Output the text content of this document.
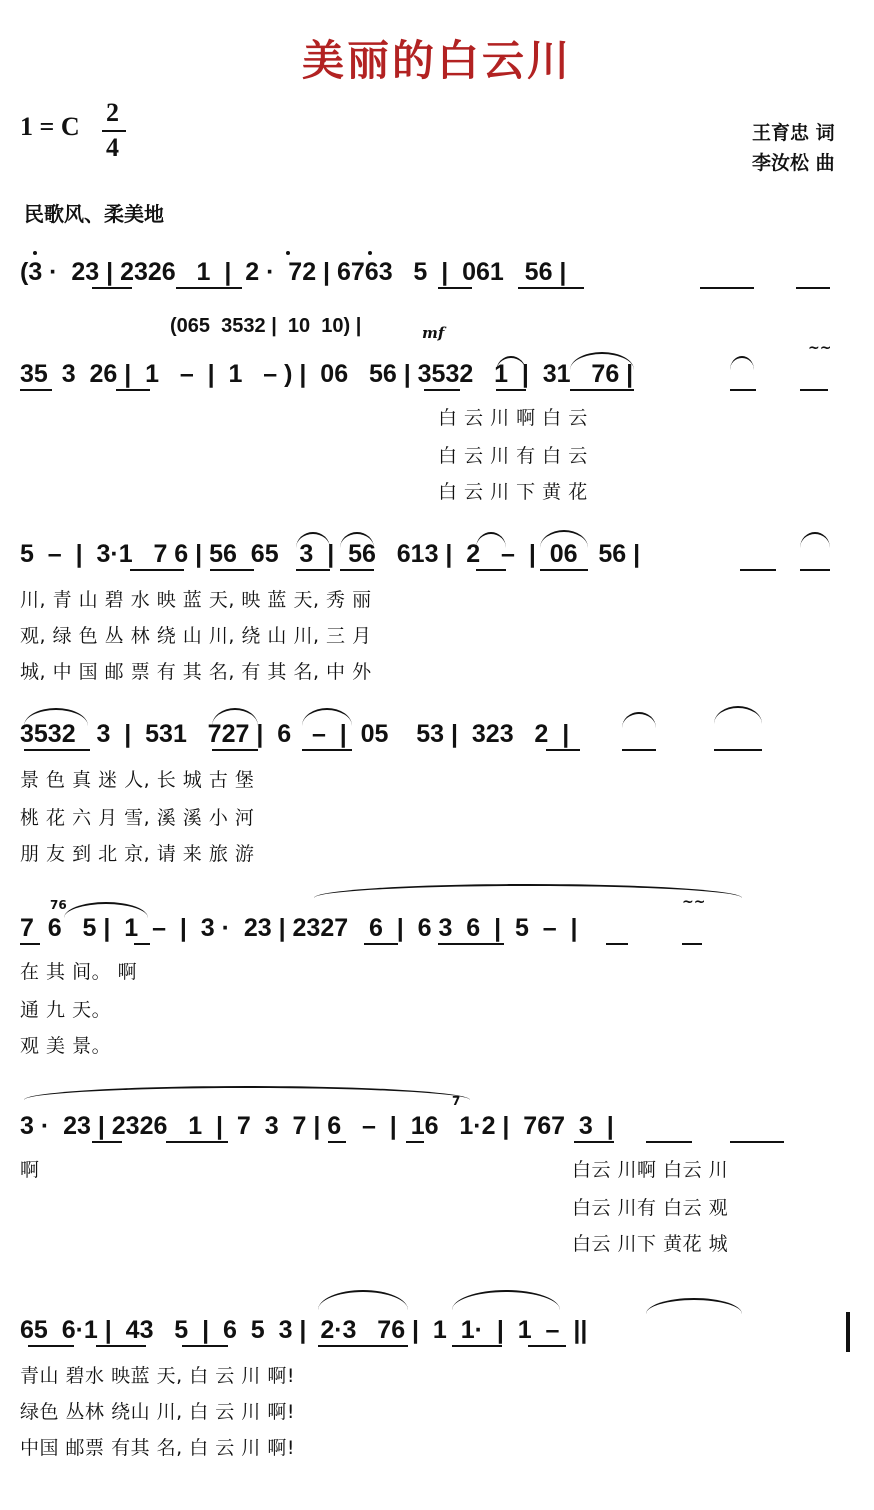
美丽的白云川
1 = C 2
4	王育忠 词
李汝松 曲
民歌风、柔美地
(3 ·  23 | 2326   1  |  2 ·  72 | 6763   5  |  061   56 |
(065  3532 |  10  10) |	mf
35  3  26 |  1   –  |  1   – ) |  06   56 | 3532   1  |  31   76 |
~~
白 云 川 啊 白 云
白 云 川 有 白 云
白 云 川 下 黄 花
5  –  |  3·1   7 6 | 56  65   3  |  56   613 |  2   –  |  06   56 |
川, 青 山 碧 水 映 蓝 天, 映 蓝 天, 秀 丽
观, 绿 色 丛 林 绕 山 川, 绕 山 川, 三 月
城, 中 国 邮 票 有 其 名, 有 其 名, 中 外
3532   3  |  531   727 |  6   –  |  05    53 |  323   2  |
景 色 真 迷 人, 长 城 古 堡
桃 花 六 月 雪, 溪 溪 小 河
朋 友 到 北 京, 请 来 旅 游
76
7  6   5 |  1  –  |  3 ·  23 | 2327   6  |  6 3  6  |  5  –  |
~~
在 其 间。 啊
通 九 天。
观 美 景。
7
3 ·  23 | 2326   1  |  7  3  7 | 6   –  |  16   1·2 |  767  3  |
啊	白云 川啊 白云 川
白云 川有 白云 观
白云 川下 黄花 城
65  6·1 |  43   5  |  6  5  3 |  2·3   76 |  1  1·  |  1  –  ||
青山 碧水 映蓝 天, 白 云 川 啊!
绿色 丛林 绕山 川, 白 云 川 啊!
中国 邮票 有其 名, 白 云 川 啊!
